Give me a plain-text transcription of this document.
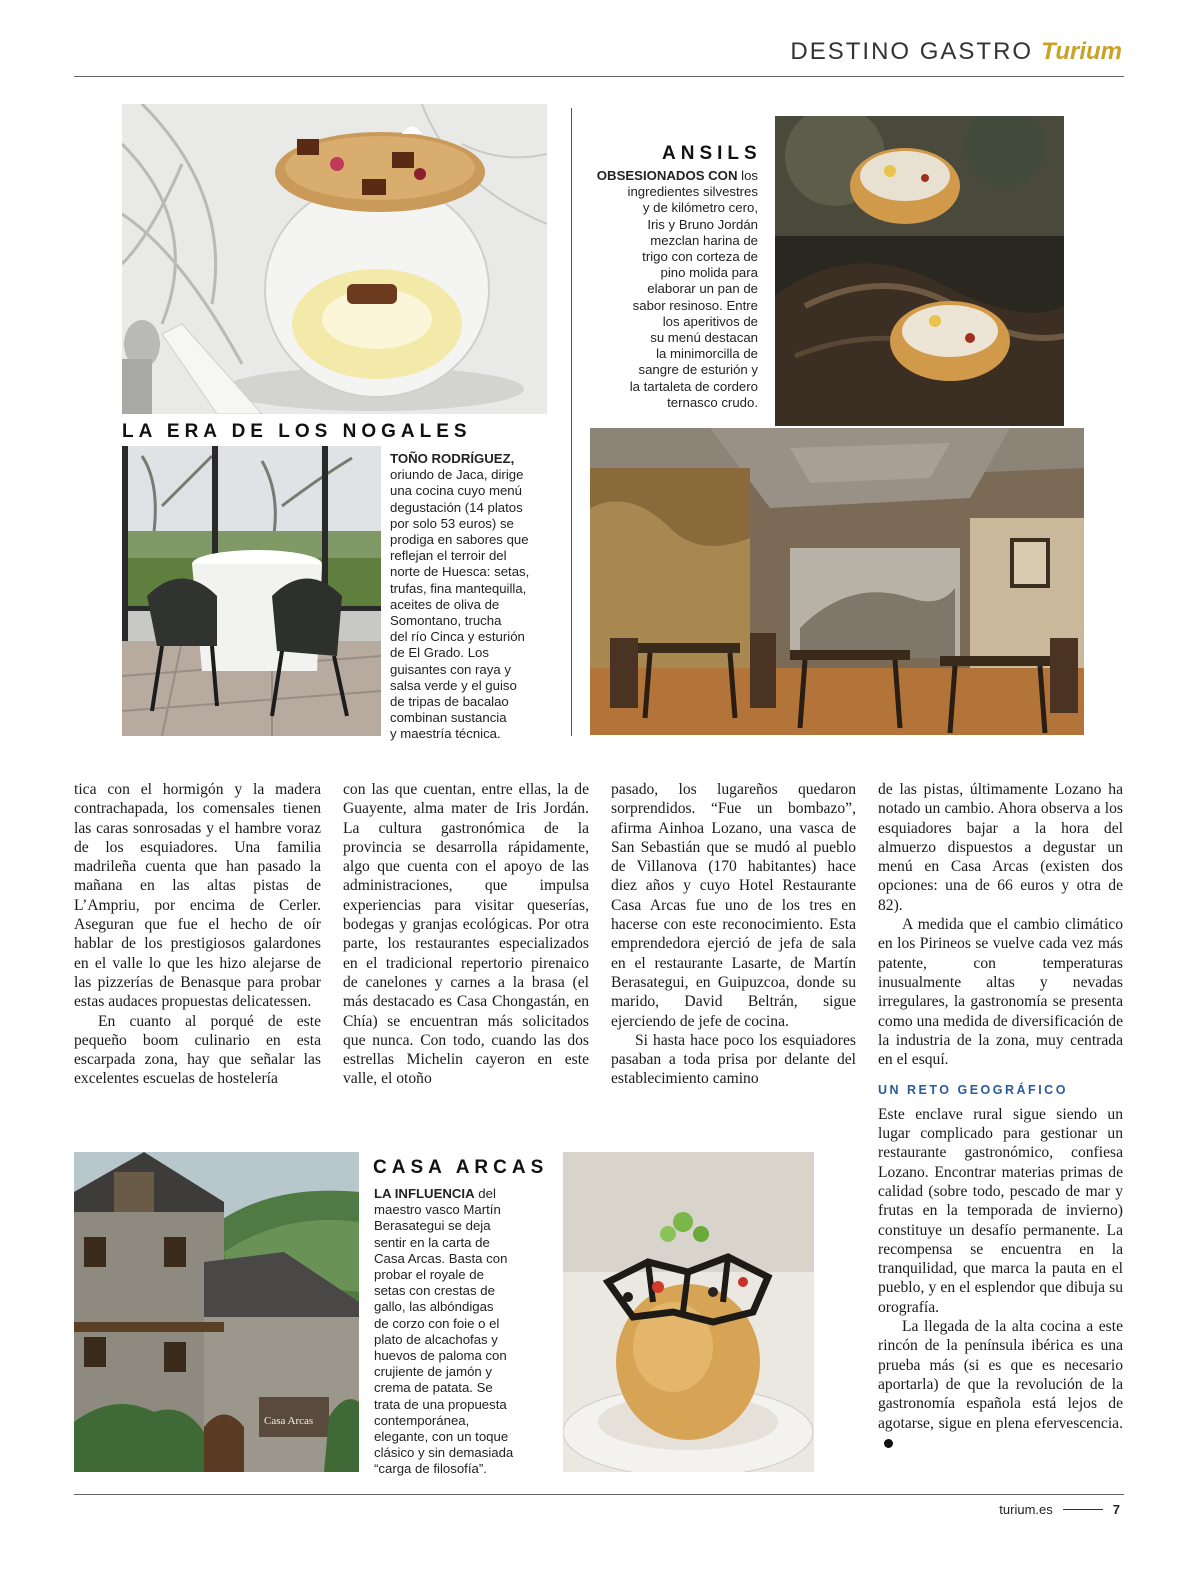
DESTINO GASTRO Turium
ANSILS
OBSESIONADOS CON los
ingredientes silvestres
y de kilómetro cero,
Iris y Bruno Jordán
mezclan harina de
trigo con corteza de
pino molida para
elaborar un pan de
sabor resinoso. Entre
los aperitivos de
su menú destacan
la minimorcilla de
sangre de esturión y
la tartaleta de cordero
ternasco crudo.
LA ERA DE LOS NOGALES
TOÑO RODRÍGUEZ,
oriundo de Jaca, dirige
una cocina cuyo menú
degustación (14 platos
por solo 53 euros) se
prodiga en sabores que
reflejan el terroir del
norte de Huesca: setas,
trufas, fina mantequilla,
aceites de oliva de
Somontano, trucha
del río Cinca y esturión
de El Grado. Los
guisantes con raya y
salsa verde y el guiso
de tripas de bacalao
combinan sustancia
y maestría técnica.

tica con el hormigón y la madera contrachapada, los comensales tienen las caras sonrosadas y el hambre voraz de los esquiadores. Una familia madrileña cuenta que han pasado la mañana en las altas pistas de L’Ampriu, por encima de Cerler. Aseguran que fue el hecho de oír hablar de los prestigiosos galardones en el valle lo que les hizo alejarse de las pizzerías de Benasque para probar estas audaces propuestas delicatessen.

En cuanto al porqué de este pequeño boom culinario en esta escarpada zona, hay que señalar las excelentes escuelas de hostelería

con las que cuentan, entre ellas, la de Guayente, alma mater de Iris Jordán. La cultura gastronómica de la provincia se desarrolla rápidamente, algo que cuenta con el apoyo de las administraciones, que impulsa experiencias para visitar queserías, bodegas y granjas ecológicas. Por otra parte, los restaurantes especializados en el tradicional repertorio pirenaico de canelones y carnes a la brasa (el más destacado es Casa Chongastán, en Chía) se encuentran más solicitados que nunca. Con todo, cuando las dos estrellas Michelin cayeron en este valle, el otoño

pasado, los lugareños quedaron sorprendidos. “Fue un bombazo”, afirma Ainhoa Lozano, una vasca de San Sebastián que se mudó al pueblo de Villanova (170 habitantes) hace diez años y cuyo Hotel Restaurante Casa Arcas fue uno de los tres en hacerse con este reconocimiento. Esta emprendedora ejerció de jefa de sala en el restaurante Lasarte, de Martín Berasategui, en Guipuzcoa, donde su marido, David Beltrán, sigue ejerciendo de jefe de cocina.

Si hasta hace poco los esquiadores pasaban a toda prisa por delante del establecimiento camino

de las pistas, últimamente Lozano ha notado un cambio. Ahora observa a los esquiadores bajar a la hora del almuerzo dispuestos a degustar un menú en Casa Arcas (existen dos opciones: una de 66 euros y otra de 82).

A medida que el cambio climático en los Pirineos se vuelve cada vez más patente, con temperaturas inusualmente altas y nevadas irregulares, la gastronomía se presenta como una medida de diversificación de la industria de la zona, muy centrada en el esquí.

UN RETO GEOGRÁFICO

Este enclave rural sigue siendo un lugar complicado para gestionar un restaurante gastronómico, confiesa Lozano. Encontrar materias primas de calidad (sobre todo, pescado de mar y frutas en la temporada de invierno) constituye un desafío permanente. La recompensa se encuentra en la tranquilidad, que marca la pauta en el pueblo, y en el esplendor que dibuja su orografía.

La llegada de la alta cocina a este rincón de la península ibérica es una prueba más (si es que es necesario aportarla) de que la revolución de la gastronomía española está lejos de agotarse, sigue en plena efervescencia.

Casa Arcas
CASA ARCAS
LA INFLUENCIA del
maestro vasco Martín
Berasategui se deja
sentir en la carta de
Casa Arcas. Basta con
probar el royale de
setas con crestas de
gallo, las albóndigas
de corzo con foie o el
plato de alcachofas y
huevos de paloma con
crujiente de jamón y
crema de patata. Se
trata de una propuesta
contemporánea,
elegante, con un toque
clásico y sin demasiada
“carga de filosofía”.
turium.es	7
